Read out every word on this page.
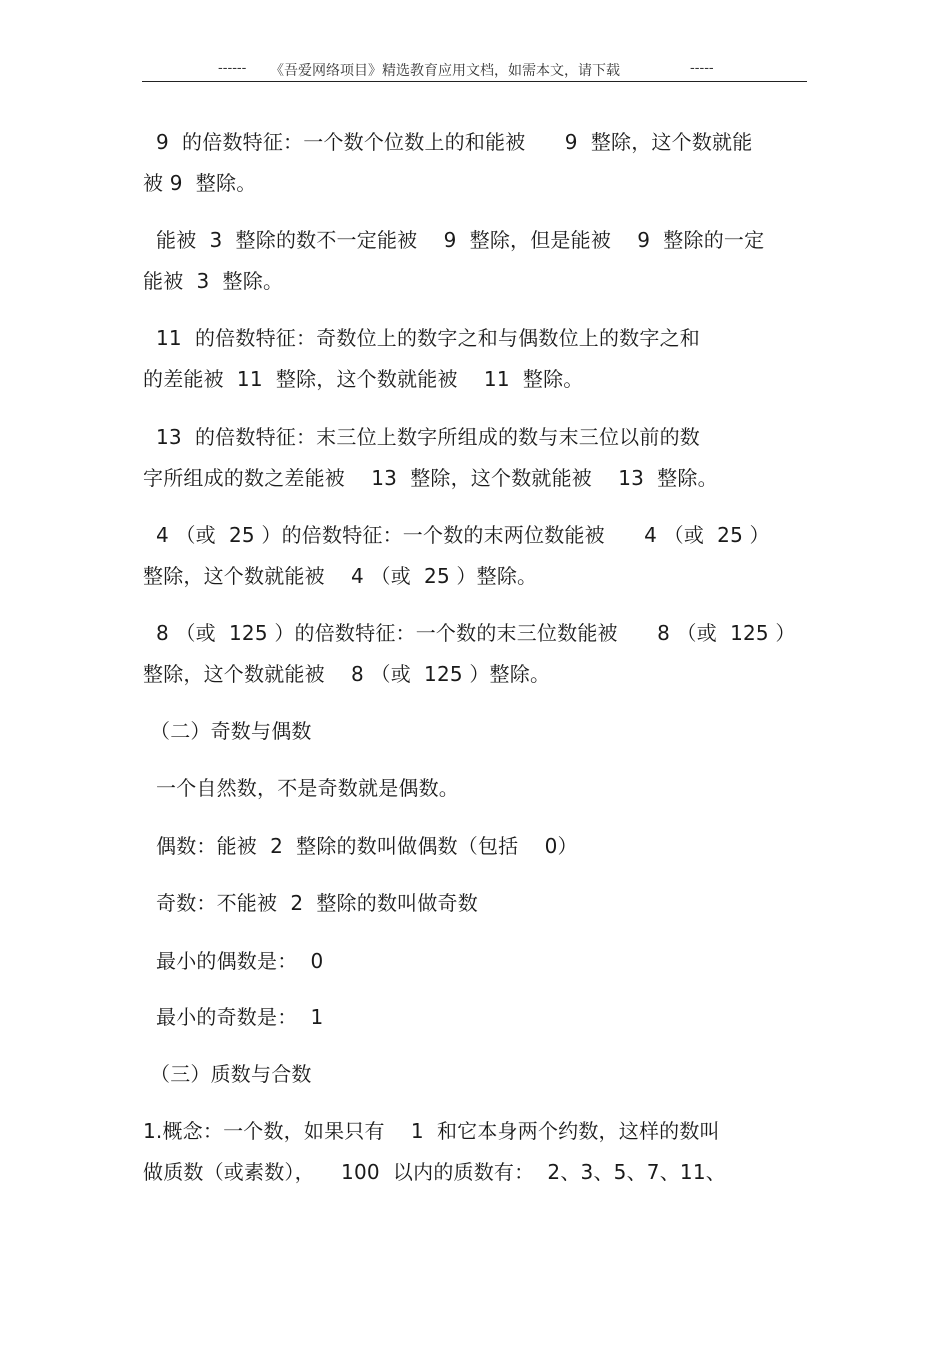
------ 《吾爱网络项目》精选教育应用文档，如需本文，请下载	-----
9  的倍数特征：一个数个位数上的和能被      9  整除，这个数就能
被 9  整除。
能被  3  整除的数不一定能被    9  整除，但是能被    9  整除的一定
能被  3  整除。
11  的倍数特征：奇数位上的数字之和与偶数位上的数字之和
的差能被  11  整除，这个数就能被    11  整除。
13  的倍数特征：末三位上数字所组成的数与末三位以前的数
字所组成的数之差能被    13  整除，这个数就能被    13  整除。
4 （或  25 ）的倍数特征：一个数的末两位数能被      4 （或  25 ）
整除，这个数就能被    4 （或  25 ）整除。
8 （或  125 ）的倍数特征：一个数的末三位数能被      8 （或  125 ）
整除，这个数就能被    8 （或  125 ）整除。
（二）奇数与偶数
一个自然数，不是奇数就是偶数。
偶数：能被  2  整除的数叫做偶数（包括    0）
奇数：不能被  2  整除的数叫做奇数
最小的偶数是：  0
最小的奇数是：  1
（三）质数与合数
1.概念：一个数，如果只有    1  和它本身两个约数，这样的数叫
做质数（或素数），    100  以内的质数有：  2、3、5、7、11、
